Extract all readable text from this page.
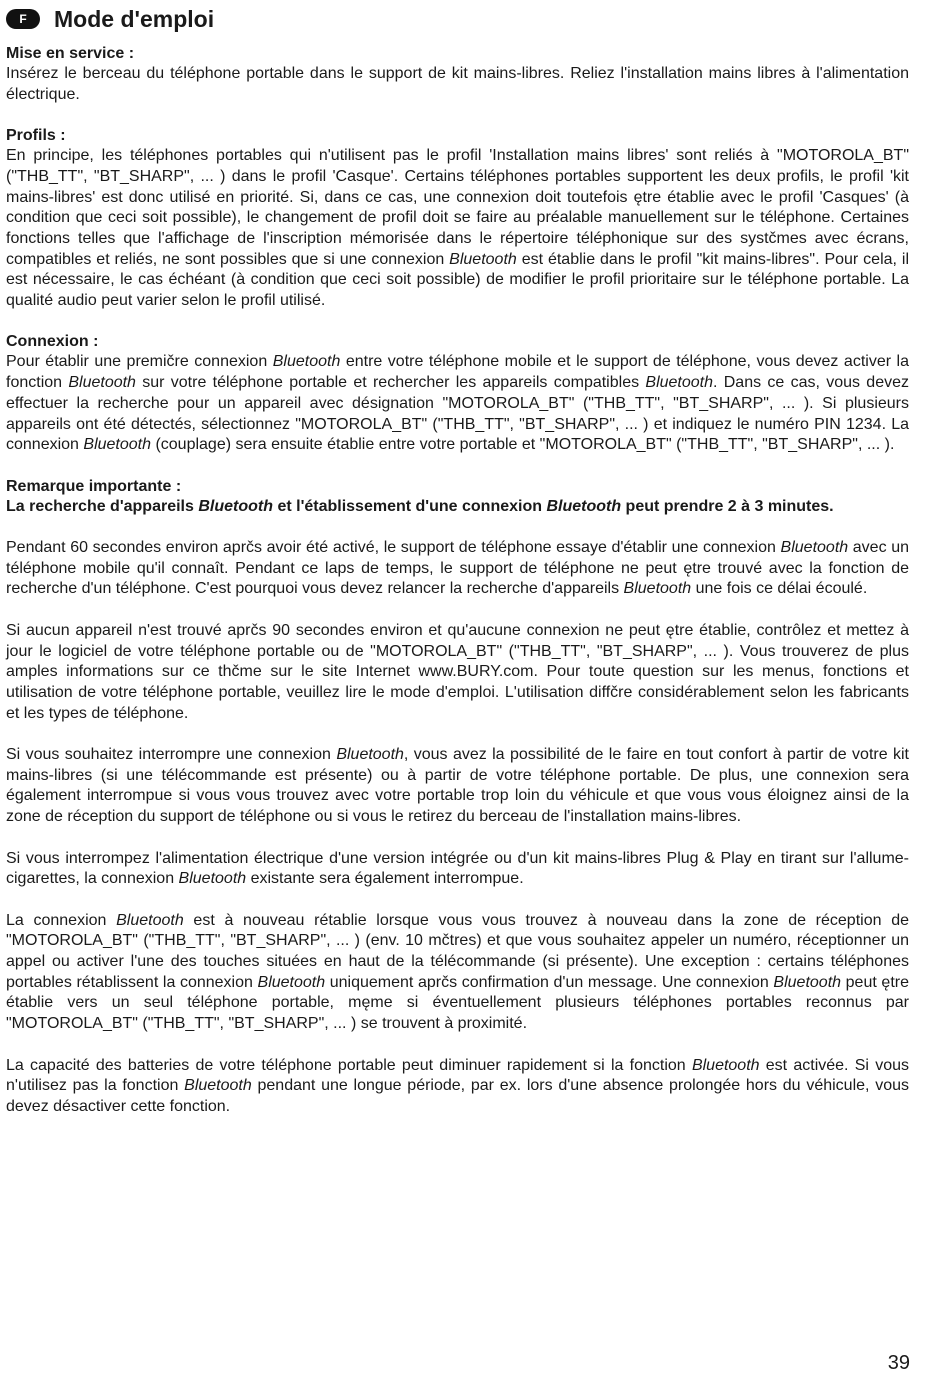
F	Mode d'emploi
Mise en service :

Insérez le berceau du téléphone portable dans le support de kit mains-libres. Reliez l'installation mains libres à l'alimentation électrique.

Profils :

En principe, les téléphones portables qui n'utilisent pas le profil 'Installation mains libres' sont reliés à "MOTOROLA_BT" ("THB_TT", "BT_SHARP", ... ) dans le profil 'Casque'. Certains téléphones portables supportent les deux profils, le profil 'kit mains-libres' est donc utilisé en priorité. Si, dans ce cas, une connexion doit toutefois ętre établie avec le profil 'Casques' (à condition que ceci soit possible), le changement de profil doit se faire au préalable manuellement sur le téléphone. Certaines fonctions telles que l'affichage de l'inscription mémorisée dans le répertoire téléphonique sur des systčmes avec écrans, compatibles et reliés, ne sont possibles que si une connexion Bluetooth est établie dans le profil "kit mains-libres". Pour cela, il est nécessaire, le cas échéant (à condition que ceci soit possible) de modifier le profil prioritaire sur le téléphone portable. La qualité audio peut varier selon le profil utilisé.

Connexion :

Pour établir une premičre connexion Bluetooth entre votre téléphone mobile et le support de téléphone, vous devez activer la fonction Bluetooth sur votre téléphone portable et rechercher les appareils compatibles Bluetooth. Dans ce cas, vous devez effectuer la recherche pour un appareil avec désignation "MOTOROLA_BT" ("THB_TT", "BT_SHARP", ... ). Si plusieurs appareils ont été détectés, sélectionnez "MOTOROLA_BT" ("THB_TT", "BT_SHARP", ... ) et indiquez le numéro PIN 1234. La connexion Bluetooth (couplage) sera ensuite établie entre votre portable et "MOTOROLA_BT" ("THB_TT", "BT_SHARP", ... ).

Remarque importante :

La recherche d'appareils Bluetooth et l'établissement d'une connexion Bluetooth peut prendre 2 à 3 minutes.

Pendant 60 secondes environ aprčs avoir été activé, le support de téléphone essaye d'établir une connexion Bluetooth avec un téléphone mobile qu'il connaît. Pendant ce laps de temps, le support de téléphone ne peut ętre trouvé avec la fonction de recherche d'un téléphone. C'est pourquoi vous devez relancer la recherche d'appareils Bluetooth une fois ce délai écoulé.

Si aucun appareil n'est trouvé aprčs 90 secondes environ et qu'aucune connexion ne peut ętre établie, contrôlez et mettez à jour le logiciel de votre téléphone portable ou de "MOTOROLA_BT" ("THB_TT", "BT_SHARP", ... ). Vous trouverez de plus amples informations sur ce thčme sur le site Internet www.BURY.com. Pour toute question sur les menus, fonctions et utilisation de votre téléphone portable, veuillez lire le mode d'emploi. L'utilisation diffčre considérablement selon les fabricants et les types de téléphone.

Si vous souhaitez interrompre une connexion Bluetooth, vous avez la possibilité de le faire en tout confort à partir de votre kit mains-libres (si une télécommande est présente) ou à partir de votre téléphone portable. De plus, une connexion sera également interrompue si vous vous trouvez avec votre portable trop loin du véhicule et que vous vous éloignez ainsi de la zone de réception du support de téléphone ou si vous le retirez du berceau de l'installation mains-libres.

Si vous interrompez l'alimentation électrique d'une version intégrée ou d'un kit mains-libres Plug & Play en tirant sur l'allume-cigarettes, la connexion Bluetooth existante sera également interrompue.

La connexion Bluetooth est à nouveau rétablie lorsque vous vous trouvez à nouveau dans la zone de réception de "MOTOROLA_BT" ("THB_TT", "BT_SHARP", ... ) (env. 10 mčtres) et que vous souhaitez appeler un numéro, réceptionner un appel ou activer l'une des touches situées en haut de la télécommande (si présente). Une exception : certains téléphones portables rétablissent la connexion Bluetooth uniquement aprčs confirmation d'un message. Une connexion Bluetooth peut ętre établie vers un seul téléphone portable, męme si éventuellement plusieurs téléphones portables reconnus par "MOTOROLA_BT" ("THB_TT", "BT_SHARP", ... ) se trouvent à proximité.

La capacité des batteries de votre téléphone portable peut diminuer rapidement si la fonction Bluetooth est activée. Si vous n'utilisez pas la fonction Bluetooth pendant une longue période, par ex. lors d'une absence prolongée hors du véhicule, vous devez désactiver cette fonction.

39
